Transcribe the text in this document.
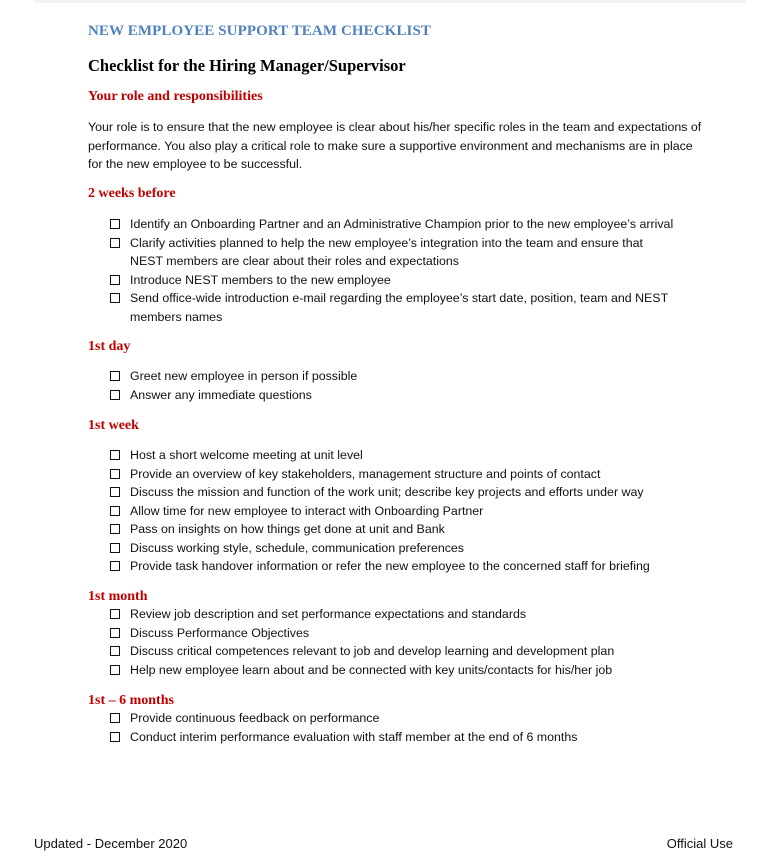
NEW EMPLOYEE SUPPORT TEAM CHECKLIST
Checklist for the Hiring Manager/Supervisor
Your role and responsibilities
Your role is to ensure that the new employee is clear about his/her specific roles in the team and expectations of performance. You also play a critical role to make sure a supportive environment and mechanisms are in place for the new employee to be successful.
2 weeks before
Identify an Onboarding Partner and an Administrative Champion prior to the new employee’s arrival
Clarify activities planned to help the new employee’s integration into the team and ensure that NEST members are clear about their roles and expectations
Introduce NEST members to the new employee
Send office-wide introduction e-mail regarding the employee’s start date, position, team and NEST members names
1st day
Greet new employee in person if possible
Answer any immediate questions
1st week
Host a short welcome meeting at unit level
Provide an overview of key stakeholders, management structure and points of contact
Discuss the mission and function of the work unit; describe key projects and efforts under way
Allow time for new employee to interact with Onboarding Partner
Pass on insights on how things get done at unit and Bank
Discuss working style, schedule, communication preferences
Provide task handover information or refer the new employee to the concerned staff for briefing
1st month
Review job description and set performance expectations and standards
Discuss Performance Objectives
Discuss critical competences relevant to job and develop learning and development plan
Help new employee learn about and be connected with key units/contacts for his/her job
1st – 6 months
Provide continuous feedback on performance
Conduct interim performance evaluation with staff member at the end of 6 months
Updated - December 2020	Official Use
